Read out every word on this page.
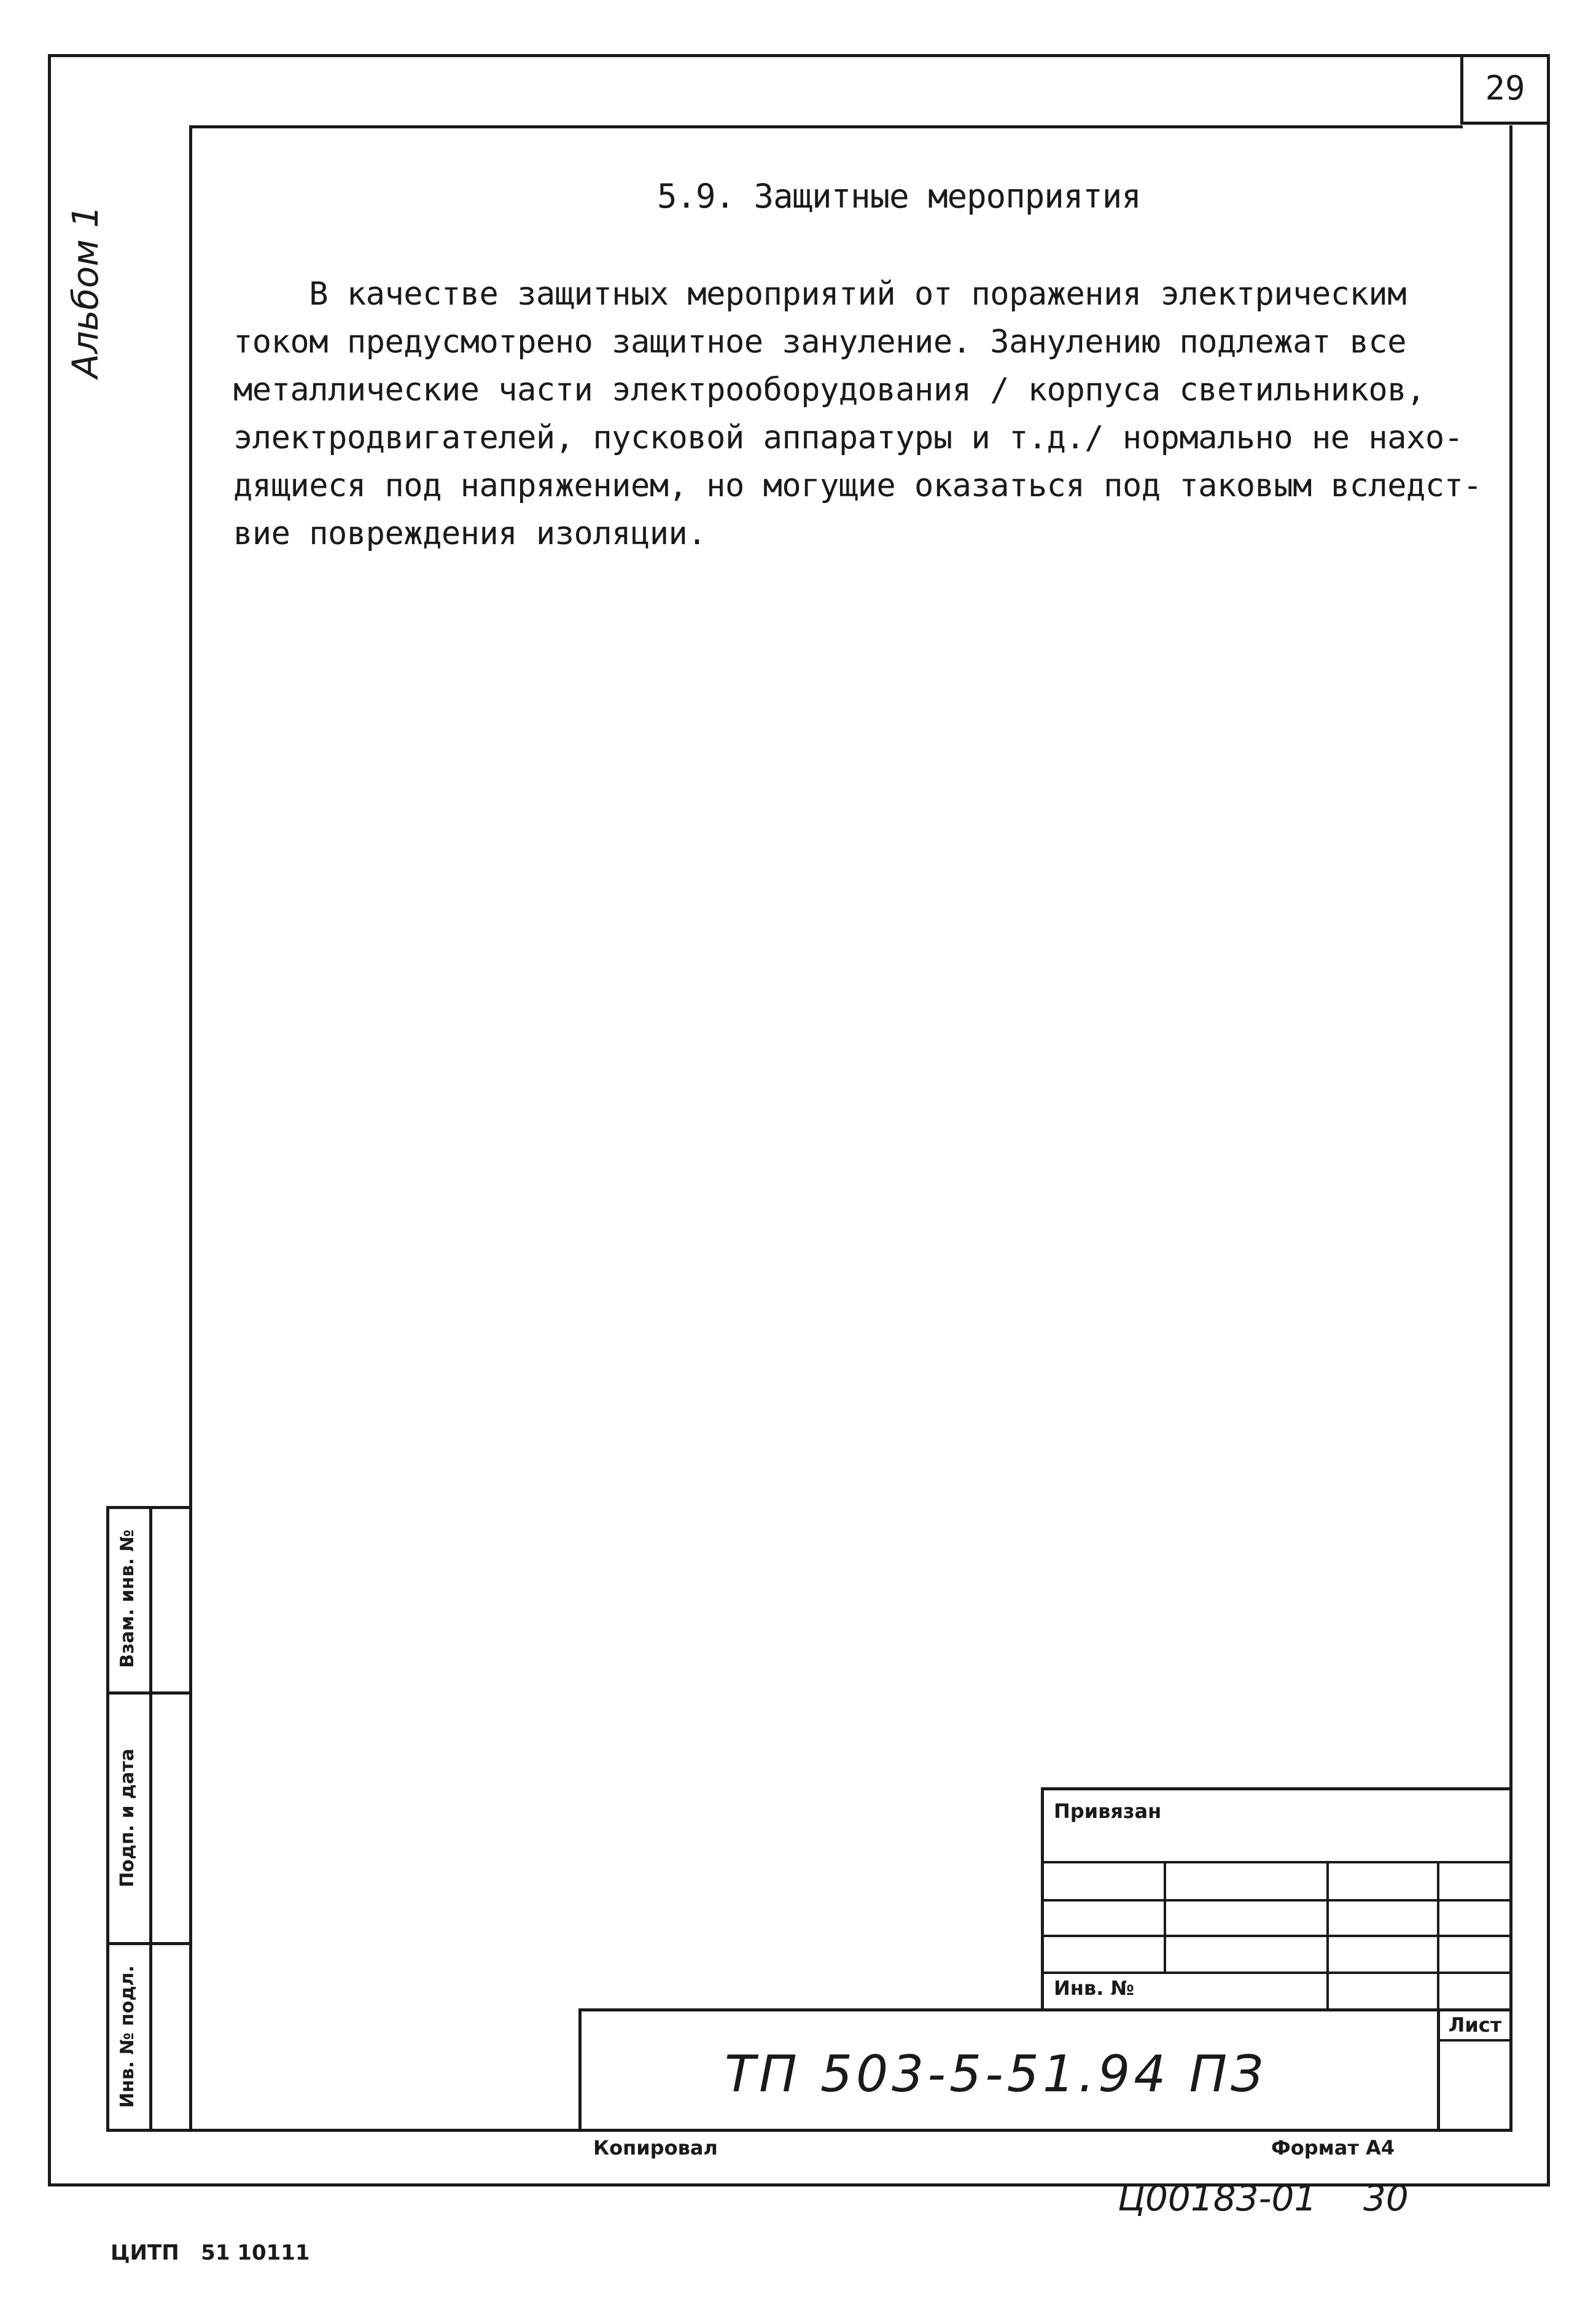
29
Альбом 1
5.9. Защитные мероприятия
В качестве защитных мероприятий от поражения электрическим
током предусмотрено защитное зануление. Занулению подлежат все
металлические части электрооборудования / корпуса светильников,
электродвигателей, пусковой аппаратуры и т.д./ нормально не нахо-
дящиеся под напряжением, но могущие оказаться под таковым вследст-
вие повреждения изоляции.
Взам. инв. №
Подп. и дата
Инв. № подл.
Привязан
Инв. №
Лист
ТП 503-5-51.94 ПЗ
Копировал	Формат А4
Ц00183-01 30
ЦИТП   51 10111
